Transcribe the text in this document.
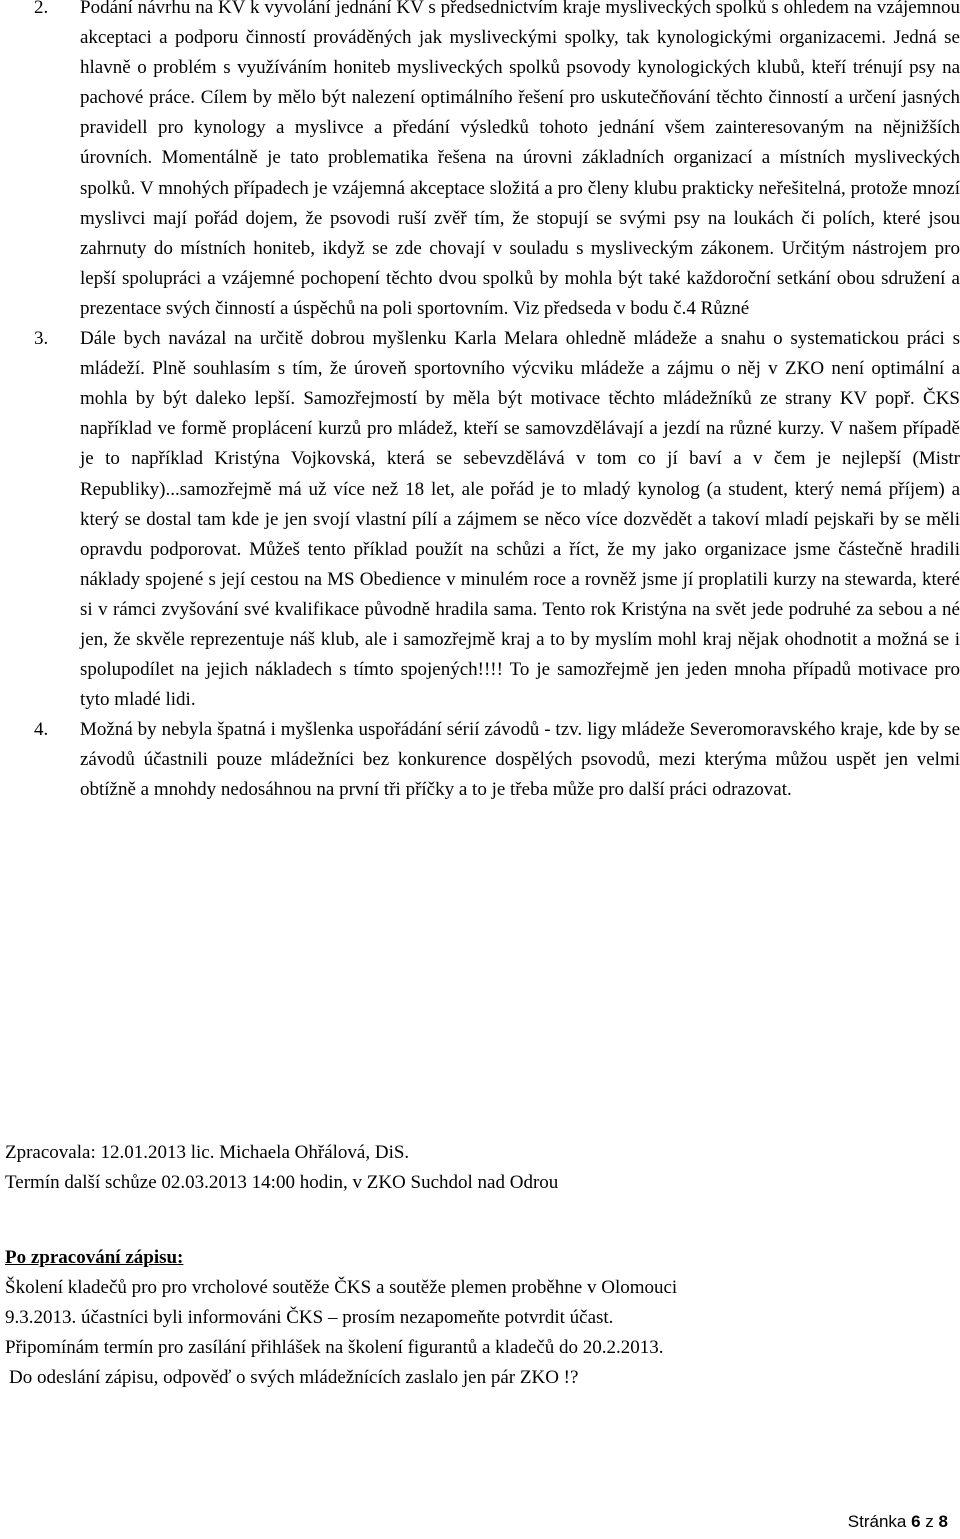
2.	Podání návrhu na KV k vyvolání jednání KV s předsednictvím kraje mysliveckých spolků s ohledem na vzájemnou akceptaci a podporu činností prováděných jak mysliveckými spolky, tak kynologickými organizacemi. Jedná se hlavně o problém s využíváním honiteb mysliveckých spolků psovody kynologických klubů, kteří trénují psy na pachové práce. Cílem by mělo být nalezení optimálního řešení pro uskutečňování těchto činností a určení jasných pravidell pro kynology a myslivce a předání výsledků tohoto jednání všem zainteresovaným na nějnižších úrovních. Momentálně je tato problematika řešena na úrovni základních organizací a místních mysliveckých spolků. V mnohých případech je vzájemná akceptace složitá a pro členy klubu prakticky neřešitelná, protože mnozí myslivci mají pořád dojem, že psovodi ruší zvěř tím, že stopují se svými psy na loukách či polích, které jsou zahrnuty do místních honiteb, ikdyž se zde chovají v souladu s mysliveckým zákonem. Určitým nástrojem pro lepší spolupráci a vzájemné pochopení těchto dvou spolků by mohla být také každoroční setkání obou sdružení a prezentace svých činností a úspěchů na poli sportovním. Viz předseda v bodu č.4 Různé

3.	Dále bych navázal na určitě dobrou myšlenku Karla Melara ohledně mládeže a snahu o systematickou práci s mládeží. Plně souhlasím s tím, že úroveň sportovního výcviku mládeže a zájmu o něj v ZKO není optimální a mohla by být daleko lepší. Samozřejmostí by měla být motivace těchto mládežníků ze strany KV popř. ČKS například ve formě proplácení kurzů pro mládež, kteří se samovzdělávají a jezdí na různé kurzy. V našem případě je to například Kristýna Vojkovská, která se sebevzdělává v tom co jí baví a v čem je nejlepší (Mistr Republiky)...samozřejmě má už více než 18 let, ale pořád je to mladý kynolog (a student, který nemá příjem) a který se dostal tam kde je jen svojí vlastní pílí a zájmem se něco více dozvědět a takoví mladí pejskaři by se měli opravdu podporovat. Můžeš tento příklad použít na schůzi a říct, že my jako organizace jsme částečně hradili náklady spojené s její cestou na MS Obedience v minulém roce a rovněž jsme jí proplatili kurzy na stewarda, které si v rámci zvyšování své kvalifikace původně hradila sama. Tento rok Kristýna na svět jede podruhé za sebou a né jen, že skvěle reprezentuje náš klub, ale i samozřejmě kraj a to by myslím mohl kraj nějak ohodnotit a možná se i spolupodílet na jejich nákladech s tímto spojených!!!! To je samozřejmě jen jeden mnoha případů motivace pro tyto mladé lidi.

4.	Možná by nebyla špatná i myšlenka uspořádání sérií závodů - tzv. ligy mládeže Severomoravského kraje, kde by se závodů účastnili pouze mládežníci bez konkurence dospělých psovodů, mezi kterýma můžou uspět jen velmi obtížně a mnohdy nedosáhnou na první tři příčky a to je třeba může pro další práci odrazovat.

Zpracovala: 12.01.2013 lic. Michaela Ohřálová, DiS.

Termín další schůze 02.03.2013 14:00 hodin, v ZKO Suchdol nad Odrou

Po zpracování zápisu:

Školení kladečů pro pro vrcholové soutěže ČKS a soutěže plemen proběhne v Olomouci

9.3.2013. účastníci byli informováni ČKS – prosím nezapomeňte potvrdit účast.

Připomínám termín pro zasílání přihlášek na školení figurantů a kladečů do 20.2.2013.

Do odeslání zápisu, odpověď o svých mládežnících zaslalo jen pár ZKO !?

Stránka 6 z 8
